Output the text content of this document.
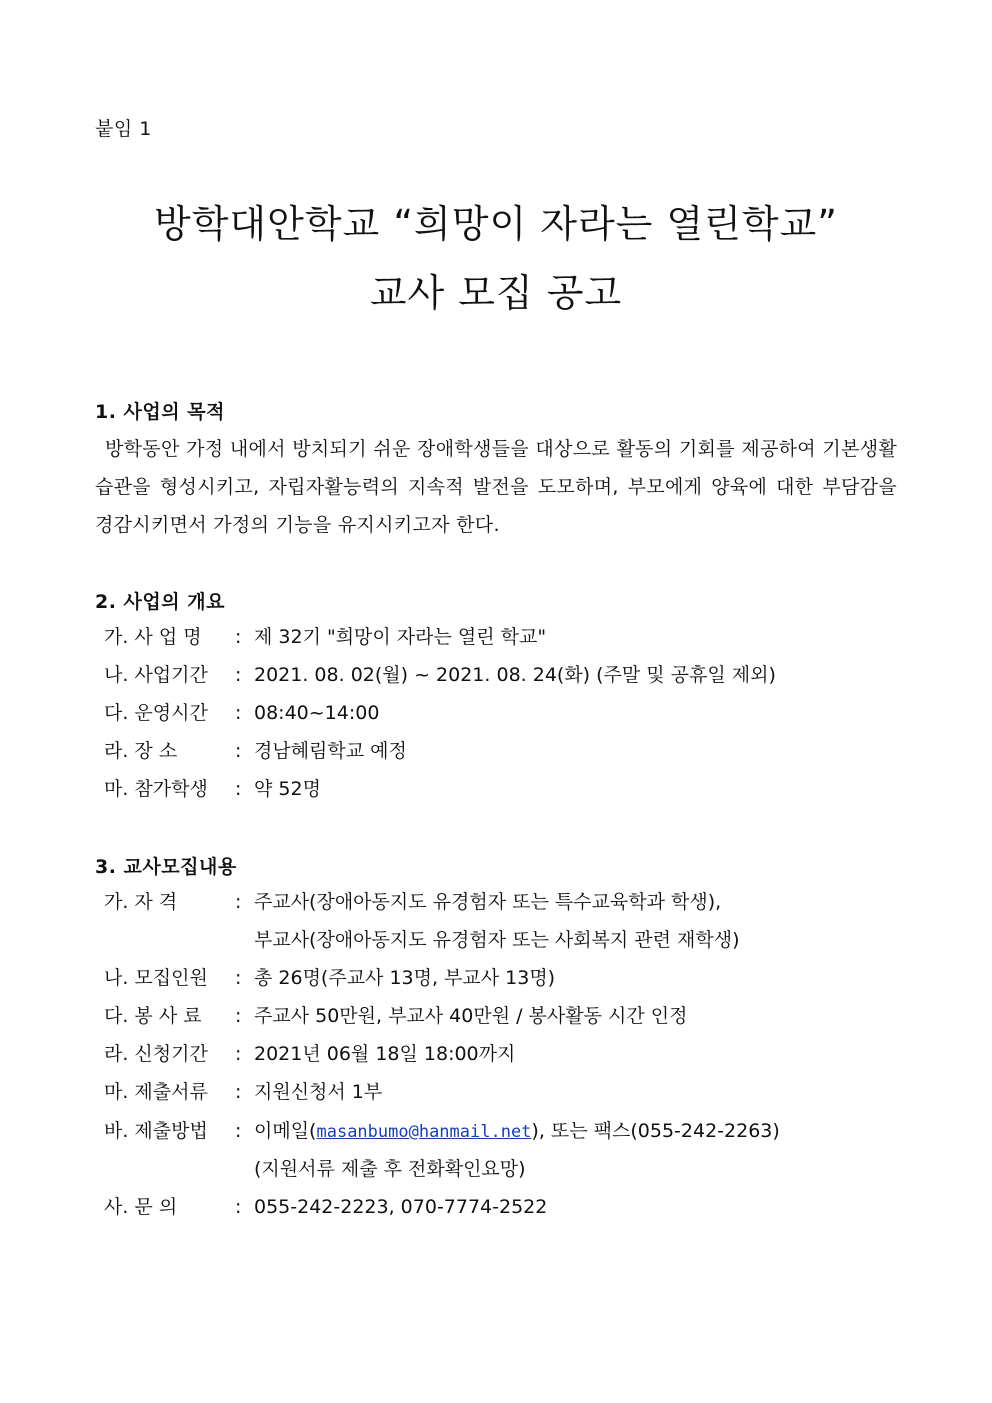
붙임 1
방학대안학교 “희망이 자라는 열린학교”
교사 모집 공고
1. 사업의 목적
방학동안 가정 내에서 방치되기 쉬운 장애학생들을 대상으로 활동의 기회를 제공하여 기본생활습관을 형성시키고, 자립자활능력의 지속적 발전을 도모하며, 부모에게 양육에 대한 부담감을 경감시키면서 가정의 기능을 유지시키고자 한다.
2. 사업의 개요
가. 사 업 명	: 제 32기 "희망이 자라는 열린 학교"
나. 사업기간	: 2021. 08. 02(월) ~ 2021. 08. 24(화) (주말 및 공휴일 제외)
다. 운영시간	: 08:40~14:00
라. 장 소	: 경남혜림학교 예정
마. 참가학생	: 약 52명
3. 교사모집내용
가. 자 격	: 주교사(장애아동지도 유경험자 또는 특수교육학과 학생),
부교사(장애아동지도 유경험자 또는 사회복지 관련 재학생)
나. 모집인원	: 총 26명(주교사 13명, 부교사 13명)
다. 봉 사 료	: 주교사 50만원, 부교사 40만원 / 봉사활동 시간 인정
라. 신청기간	: 2021년 06월 18일 18:00까지
마. 제출서류	: 지원신청서 1부
바. 제출방법	: 이메일(masanbumo@hanmail.net), 또는 팩스(055-242-2263)
(지원서류 제출 후 전화확인요망)
사. 문 의	: 055-242-2223, 070-7774-2522
